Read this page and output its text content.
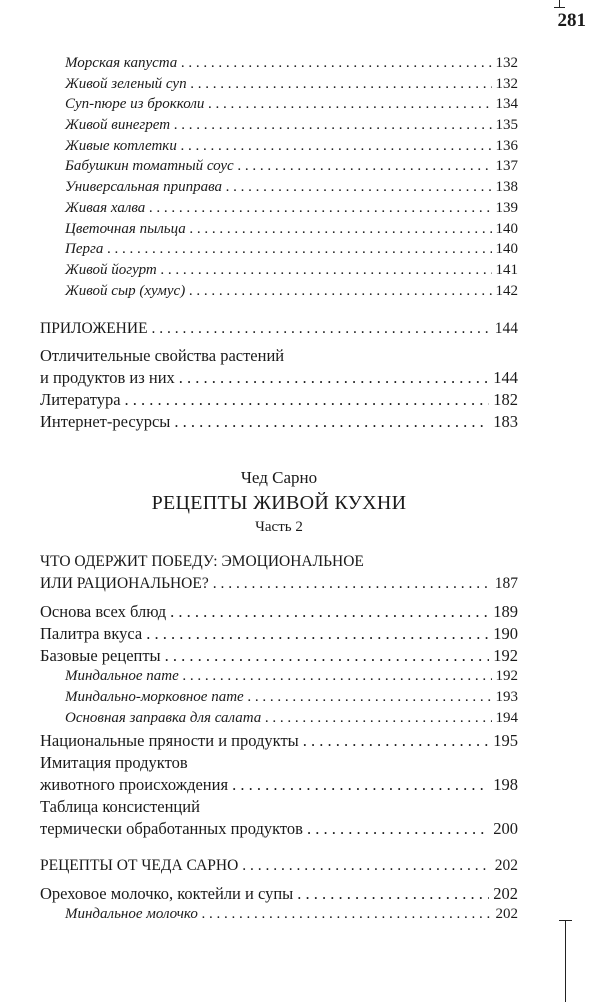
281
Морская капуста . . .	132
Живой зеленый суп . . .	132
Суп-пюре из брокколи . . .	134
Живой винегрет . . .	135
Живые котлетки . . .	136
Бабушкин томатный соус . . .	137
Универсальная приправа . . .	138
Живая халва . . .	139
Цветочная пыльца . . .	140
Перга . . .	140
Живой йогурт . . .	141
Живой сыр (хумус) . . .	142
ПРИЛОЖЕНИЕ . . .	144
Отличительные свойства растений
и продуктов из них . . .	144
Литература . . .	182
Интернет-ресурсы . . .	183
Чед Сарно
РЕЦЕПТЫ ЖИВОЙ КУХНИ
Часть 2
ЧТО ОДЕРЖИТ ПОБЕДУ: ЭМОЦИОНАЛЬНОЕ
ИЛИ РАЦИОНАЛЬНОЕ? . . .	187
Основа всех блюд . . .	189
Палитра вкуса . . .	190
Базовые рецепты . . .	192
Миндальное пате . . .	192
Миндально-морковное пате . . .	193
Основная заправка для салата . . .	194
Национальные пряности и продукты . . .	195
Имитация продуктов
животного происхождения . . .	198
Таблица консистенций
термически обработанных продуктов . . .	200
РЕЦЕПТЫ ОТ ЧЕДА САРНО . . .	202
Ореховое молочко, коктейли и супы . . .	202
Миндальное молочко . . .	202
